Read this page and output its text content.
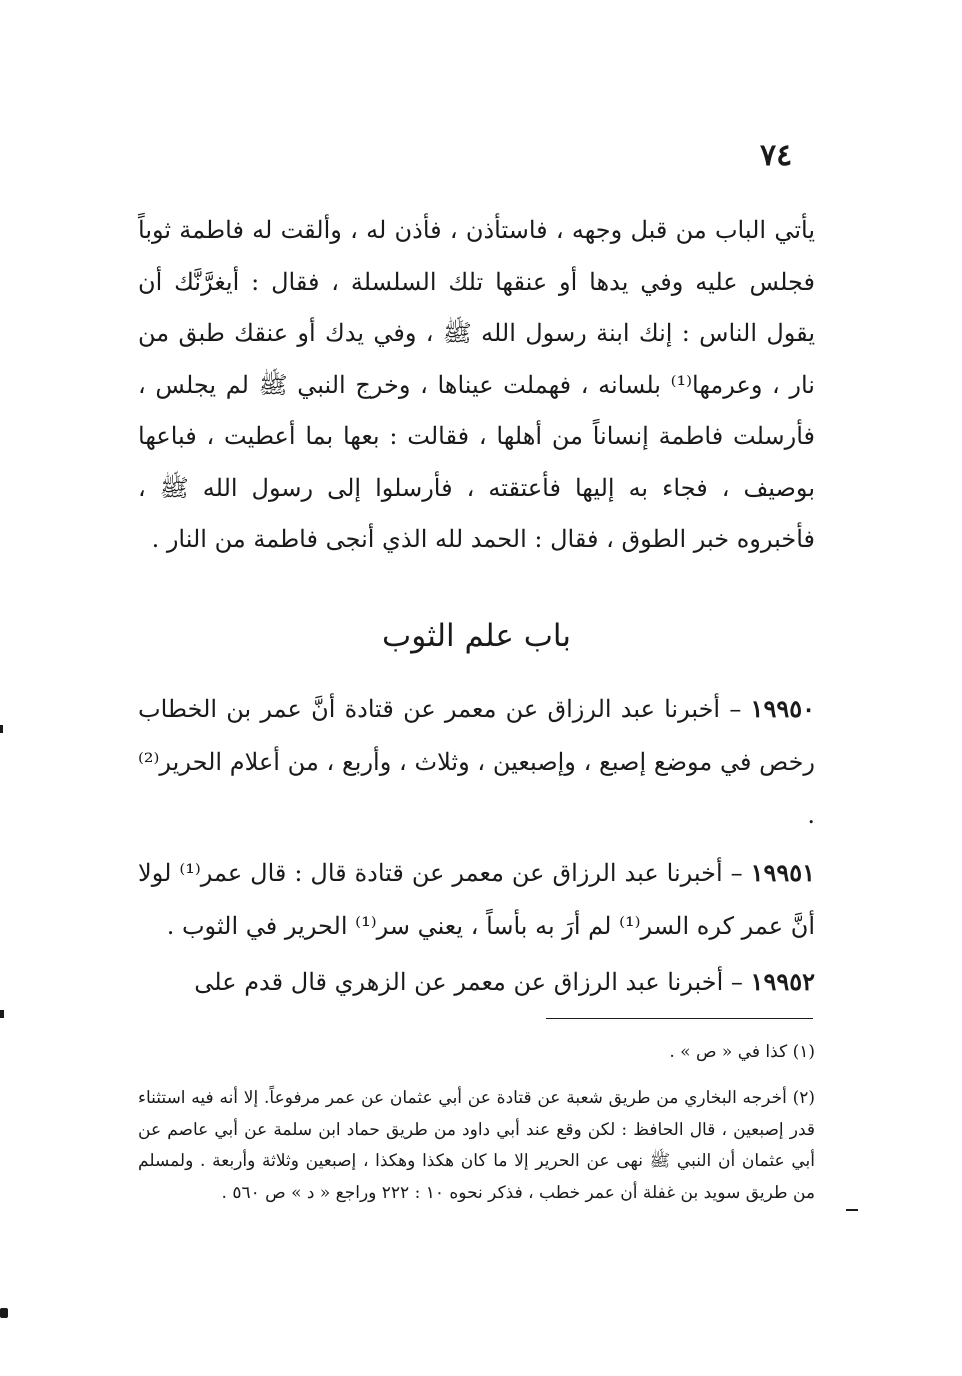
٧٤
يأتي الباب من قبل وجهه ، فاستأذن ، فأذن له ، وألقت له فاطمة ثوباً فجلس عليه وفي يدها أو عنقها تلك السلسلة ، فقال : أيغرَّنَّك أن يقول الناس : إنك ابنة رسول الله ﷺ ، وفي يدك أو عنقك طبق من نار ، وعرمها⁽¹⁾ بلسانه ، فهملت عيناها ، وخرج النبي ﷺ لم يجلس ، فأرسلت فاطمة إنساناً من أهلها ، فقالت : بعها بما أعطيت ، فباعها بوصيف ، فجاء به إليها فأعتقته ، فأرسلوا إلى رسول الله ﷺ ، فأخبروه خبر الطوق ، فقال : الحمد لله الذي أنجى فاطمة من النار .
باب علم الثوب
١٩٩٥٠ – أخبرنا عبد الرزاق عن معمر عن قتادة أنَّ عمر بن الخطاب رخص في موضع إصبع ، وإصبعين ، وثلاث ، وأربع ، من أعلام الحرير⁽²⁾ .
١٩٩٥١ – أخبرنا عبد الرزاق عن معمر عن قتادة قال : قال عمر⁽¹⁾ لولا أنَّ عمر كره السر⁽¹⁾ لم أرَ به بأساً ، يعني سر⁽¹⁾ الحرير في الثوب .
١٩٩٥٢ – أخبرنا عبد الرزاق عن معمر عن الزهري قال قدم على
(١) كذا في « ص » .
(٢) أخرجه البخاري من طريق شعبة عن قتادة عن أبي عثمان عن عمر مرفوعاً. إلا أنه فيه استثناء قدر إصبعين ، قال الحافظ : لكن وقع عند أبي داود من طريق حماد ابن سلمة عن أبي عاصم عن أبي عثمان أن النبي ﷺ نهى عن الحرير إلا ما كان هكذا وهكذا ، إصبعين وثلاثة وأربعة . ولمسلم من طريق سويد بن غفلة أن عمر خطب ، فذكر نحوه ١٠ : ٢٢٢ وراجع « د » ص ٥٦٠ .
